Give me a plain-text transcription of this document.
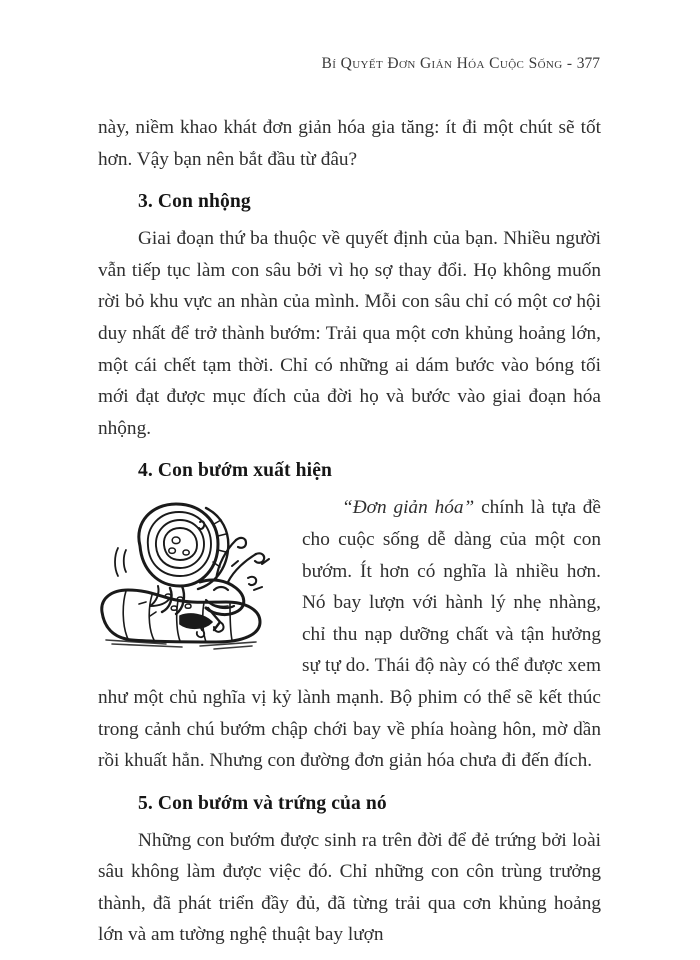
Bí Quyết Đơn Giản Hóa Cuộc Sống - 377

này, niềm khao khát đơn giản hóa gia tăng: ít đi một chút sẽ tốt hơn. Vậy bạn nên bắt đầu từ đâu?

3. Con nhộng

Giai đoạn thứ ba thuộc về quyết định của bạn. Nhiều người vẫn tiếp tục làm con sâu bởi vì họ sợ thay đổi. Họ không muốn rời bỏ khu vực an nhàn của mình. Mỗi con sâu chỉ có một cơ hội duy nhất để trở thành bướm: Trải qua một cơn khủng hoảng lớn, một cái chết tạm thời. Chỉ có những ai dám bước vào bóng tối mới đạt được mục đích của đời họ và bước vào giai đoạn hóa nhộng.

4. Con bướm xuất hiện

“Đơn giản hóa” chính là tựa đề cho cuộc sống dễ dàng của một con bướm. Ít hơn có nghĩa là nhiều hơn. Nó bay lượn với hành lý nhẹ nhàng, chỉ thu nạp dưỡng chất và tận hưởng sự tự do. Thái độ này có thể được xem như một chủ nghĩa vị kỷ lành mạnh. Bộ phim có thể sẽ kết thúc trong cảnh chú bướm chập chới bay về phía hoàng hôn, mờ dần rồi khuất hẳn. Nhưng con đường đơn giản hóa chưa đi đến đích.

5. Con bướm và trứng của nó

Những con bướm được sinh ra trên đời để đẻ trứng bởi loài sâu không làm được việc đó. Chỉ những con côn trùng trưởng thành, đã phát triển đầy đủ, đã từng trải qua cơn khủng hoảng lớn và am tường nghệ thuật bay lượn
